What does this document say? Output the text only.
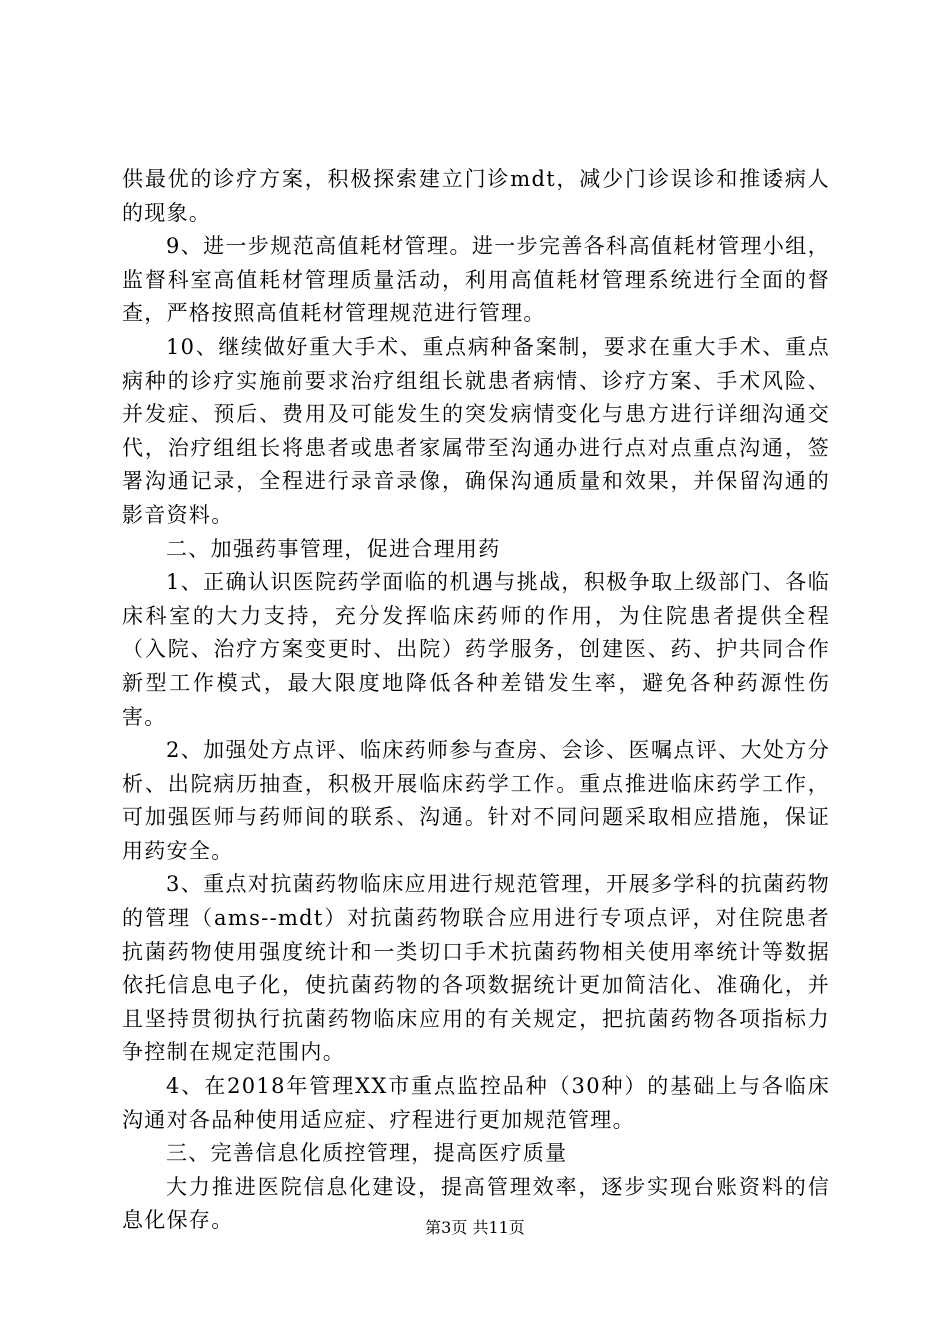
供最优的诊疗方案，积极探索建立门诊mdt，减少门诊误诊和推诿病人的现象。

9、进一步规范高值耗材管理。进一步完善各科高值耗材管理小组，监督科室高值耗材管理质量活动，利用高值耗材管理系统进行全面的督查，严格按照高值耗材管理规范进行管理。

10、继续做好重大手术、重点病种备案制，要求在重大手术、重点病种的诊疗实施前要求治疗组组长就患者病情、诊疗方案、手术风险、并发症、预后、费用及可能发生的突发病情变化与患方进行详细沟通交代，治疗组组长将患者或患者家属带至沟通办进行点对点重点沟通，签署沟通记录，全程进行录音录像，确保沟通质量和效果，并保留沟通的影音资料。

二、加强药事管理，促进合理用药

1、正确认识医院药学面临的机遇与挑战，积极争取上级部门、各临床科室的大力支持，充分发挥临床药师的作用，为住院患者提供全程（入院、治疗方案变更时、出院）药学服务，创建医、药、护共同合作新型工作模式，最大限度地降低各种差错发生率，避免各种药源性伤害。

2、加强处方点评、临床药师参与查房、会诊、医嘱点评、大处方分析、出院病历抽查，积极开展临床药学工作。重点推进临床药学工作，可加强医师与药师间的联系、沟通。针对不同问题采取相应措施，保证用药安全。

3、重点对抗菌药物临床应用进行规范管理，开展多学科的抗菌药物的管理（ams--mdt）对抗菌药物联合应用进行专项点评，对住院患者抗菌药物使用强度统计和一类切口手术抗菌药物相关使用率统计等数据依托信息电子化，使抗菌药物的各项数据统计更加简洁化、准确化，并且坚持贯彻执行抗菌药物临床应用的有关规定，把抗菌药物各项指标力争控制在规定范围内。

4、在2018年管理XX市重点监控品种（30种）的基础上与各临床沟通对各品种使用适应症、疗程进行更加规范管理。

三、完善信息化质控管理，提高医疗质量

大力推进医院信息化建设，提高管理效率，逐步实现台账资料的信息化保存。	第3页 共11页
